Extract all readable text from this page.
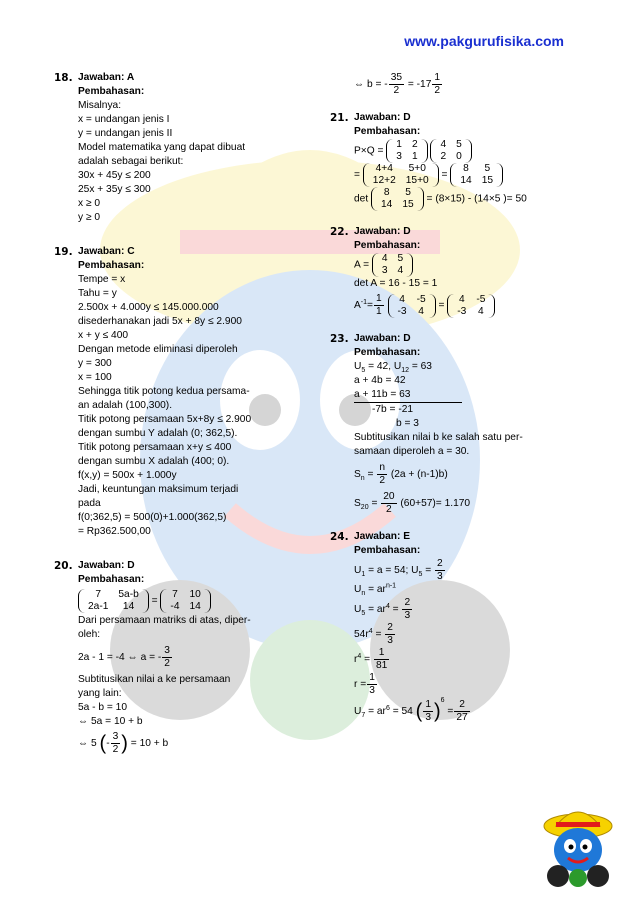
www.pakgurufisika.com
18. Jawaban: A
Pembahasan:
Misalnya:
x = undangan jenis I
y = undangan jenis II
Model matematika yang dapat dibuat
adalah sebagai berikut:
30x + 45y ≤ 200
25x + 35y ≤ 300
x ≥ 0
y ≥ 0
19. Jawaban: C
Pembahasan:
Tempe = x
Tahu = y
2.500x + 4.000y ≤ 145.000.000
disederhanakan jadi 5x + 8y ≤ 2.900
x + y ≤ 400
Dengan metode eliminasi diperoleh
y = 300
x = 100
Sehingga titik potong kedua persama-
an adalah (100,300).
Titik potong persamaan 5x+8y ≤ 2.900
dengan sumbu Y adalah (0; 362,5).
Titik potong persamaan x+y ≤ 400
dengan sumbu X adalah (400; 0).
f(x,y) = 500x + 1.000y
Jadi, keuntungan maksimum terjadi
pada
f(0;362,5) = 500(0)+1.000(362,5)
= Rp362.500,00
20. Jawaban: D
Pembahasan:
7	5a-b
2a-1	14 =
7	10
-4	14
Dari persamaan matriks di atas, diper-
oleh:
2a - 1 = -4 ⇔ a = - $\frac{3}{2}$
Subtitusikan nilai a ke persamaan
yang lain:
5a - b = 10
⇔ 5a = 10 + b
⇔ 5 (- $\frac{3}{2}$ ) = 10 + b
⇔ b = - $\frac{35}{2} = -17 \frac{1}{2}$
21. Jawaban: D
Pembahasan:
P×Q =
1	2
3	1

4	5
2	0
=
4+4	5+0
12+2	15+0 =
8	5
14	15
det
8	5
14	15 = (8×15) - (14×5 )= 50
22. Jawaban: D
Pembahasan:
A =
4	5
3	4
det A = 16 - 15 = 1
$A^{-1}= \frac{1}{1}$
4	-5
-3	4 =
4	-5
-3	4
23. Jawaban: D
Pembahasan:
$U_5 = 42$, $U_{12} = 63$
a + 4b = 42
a + 11b = 63
-7b = -21
b = 3
Subtitusikan nilai b ke salah satu per-
samaan diperoleh a = 30.
$S_n = \frac{n}{2} (2a + (n-1)b)$
$S_{20} = \frac{20}{2} (60+57)= 1.170$
24. Jawaban: E
Pembahasan:
$U_1 = a = 54$; $U_5 = \frac{2}{3}$
$U_n = ar^{n-1}$
$U_5 = ar^4 = \frac{2}{3}$
$54r^4 = \frac{2}{3}$
$r^4 = \frac{1}{81}$
$r = \frac{1}{3}$
$U_7 = ar^6 = 54$ ( $\frac{1}{3} )^6 = \frac{2}{27}$
